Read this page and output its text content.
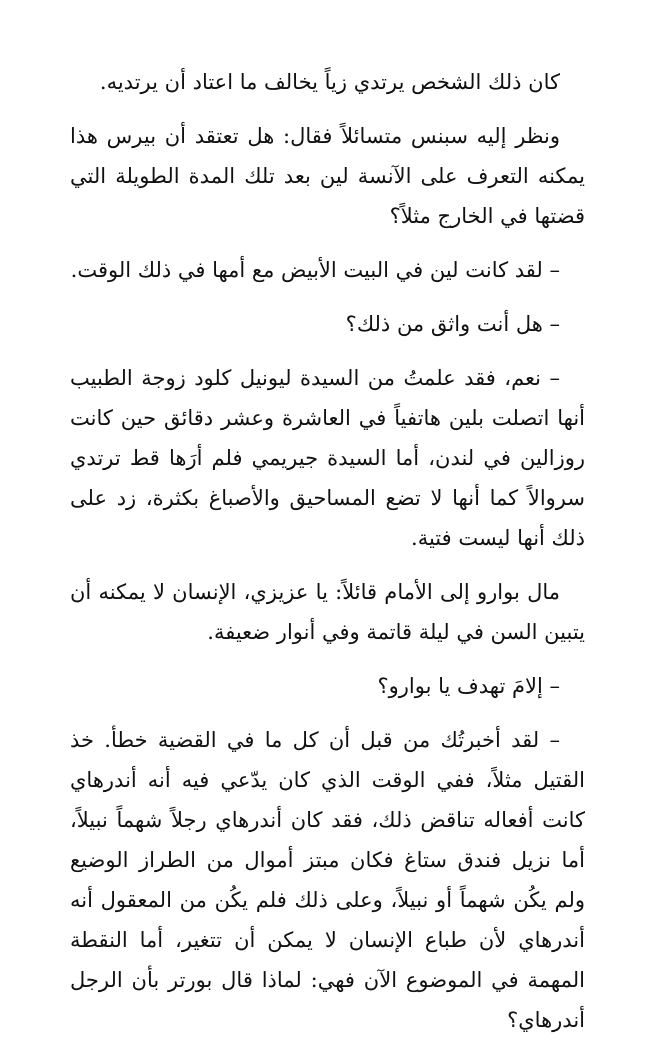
كان ذلك الشخص يرتدي زياً يخالف ما اعتاد أن يرتديه.

ونظر إليه سبنس متسائلاً فقال: هل تعتقد أن بيرس هذا يمكنه التعرف على الآنسة لين بعد تلك المدة الطويلة التي قضتها في الخارج مثلاً؟

– لقد كانت لين في البيت الأبيض مع أمها في ذلك الوقت.

– هل أنت واثق من ذلك؟

– نعم، فقد علمتُ من السيدة ليونيل كلود زوجة الطبيب أنها اتصلت بلين هاتفياً في العاشرة وعشر دقائق حين كانت روزالين في لندن، أما السيدة جيريمي فلم أرَها قط ترتدي سروالاً كما أنها لا تضع المساحيق والأصباغ بكثرة، زد على ذلك أنها ليست فتية.

مال بوارو إلى الأمام قائلاً: يا عزيزي، الإنسان لا يمكنه أن يتبين السن في ليلة قاتمة وفي أنوار ضعيفة.

– إلامَ تهدف يا بوارو؟

– لقد أخبرتُك من قبل أن كل ما في القضية خطأ. خذ القتيل مثلاً، ففي الوقت الذي كان يدّعي فيه أنه أندرهاي كانت أفعاله تناقض ذلك، فقد كان أندرهاي رجلاً شهماً نبيلاً، أما نزيل فندق ستاغ فكان مبتز أموال من الطراز الوضيع ولم يكُن شهماً أو نبيلاً، وعلى ذلك فلم يكُن من المعقول أنه أندرهاي لأن طباع الإنسان لا يمكن أن تتغير، أما النقطة المهمة في الموضوع الآن فهي: لماذا قال بورتر بأن الرجل أندرهاي؟
